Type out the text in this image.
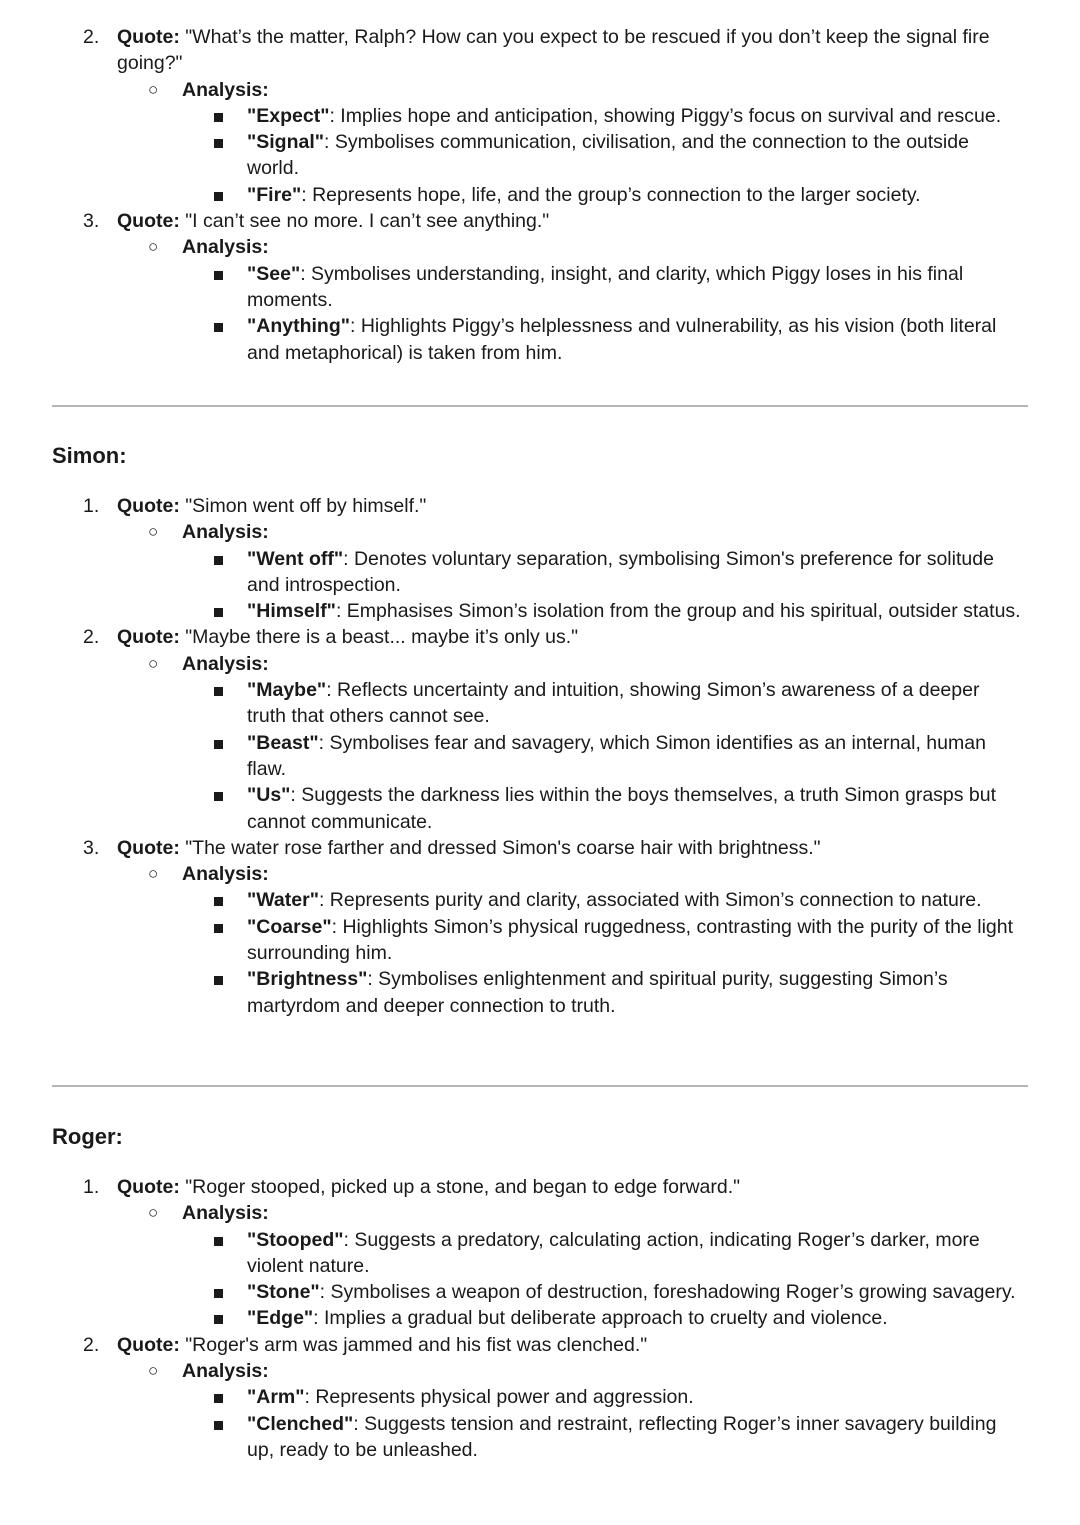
2. Quote: "What’s the matter, Ralph? How can you expect to be rescued if you don’t keep the signal fire going?"
○ Analysis:
"Expect": Implies hope and anticipation, showing Piggy’s focus on survival and rescue.
"Signal": Symbolises communication, civilisation, and the connection to the outside world.
"Fire": Represents hope, life, and the group’s connection to the larger society.
3. Quote: "I can’t see no more. I can’t see anything."
○ Analysis:
"See": Symbolises understanding, insight, and clarity, which Piggy loses in his final moments.
"Anything": Highlights Piggy’s helplessness and vulnerability, as his vision (both literal and metaphorical) is taken from him.
Simon:
1. Quote: "Simon went off by himself."
○ Analysis:
"Went off": Denotes voluntary separation, symbolising Simon's preference for solitude and introspection.
"Himself": Emphasises Simon’s isolation from the group and his spiritual, outsider status.
2. Quote: "Maybe there is a beast... maybe it’s only us."
○ Analysis:
"Maybe": Reflects uncertainty and intuition, showing Simon’s awareness of a deeper truth that others cannot see.
"Beast": Symbolises fear and savagery, which Simon identifies as an internal, human flaw.
"Us": Suggests the darkness lies within the boys themselves, a truth Simon grasps but cannot communicate.
3. Quote: "The water rose farther and dressed Simon's coarse hair with brightness."
○ Analysis:
"Water": Represents purity and clarity, associated with Simon’s connection to nature.
"Coarse": Highlights Simon’s physical ruggedness, contrasting with the purity of the light surrounding him.
"Brightness": Symbolises enlightenment and spiritual purity, suggesting Simon’s martyrdom and deeper connection to truth.
Roger:
1. Quote: "Roger stooped, picked up a stone, and began to edge forward."
○ Analysis:
"Stooped": Suggests a predatory, calculating action, indicating Roger’s darker, more violent nature.
"Stone": Symbolises a weapon of destruction, foreshadowing Roger’s growing savagery.
"Edge": Implies a gradual but deliberate approach to cruelty and violence.
2. Quote: "Roger's arm was jammed and his fist was clenched."
○ Analysis:
"Arm": Represents physical power and aggression.
"Clenched": Suggests tension and restraint, reflecting Roger’s inner savagery building up, ready to be unleashed.
